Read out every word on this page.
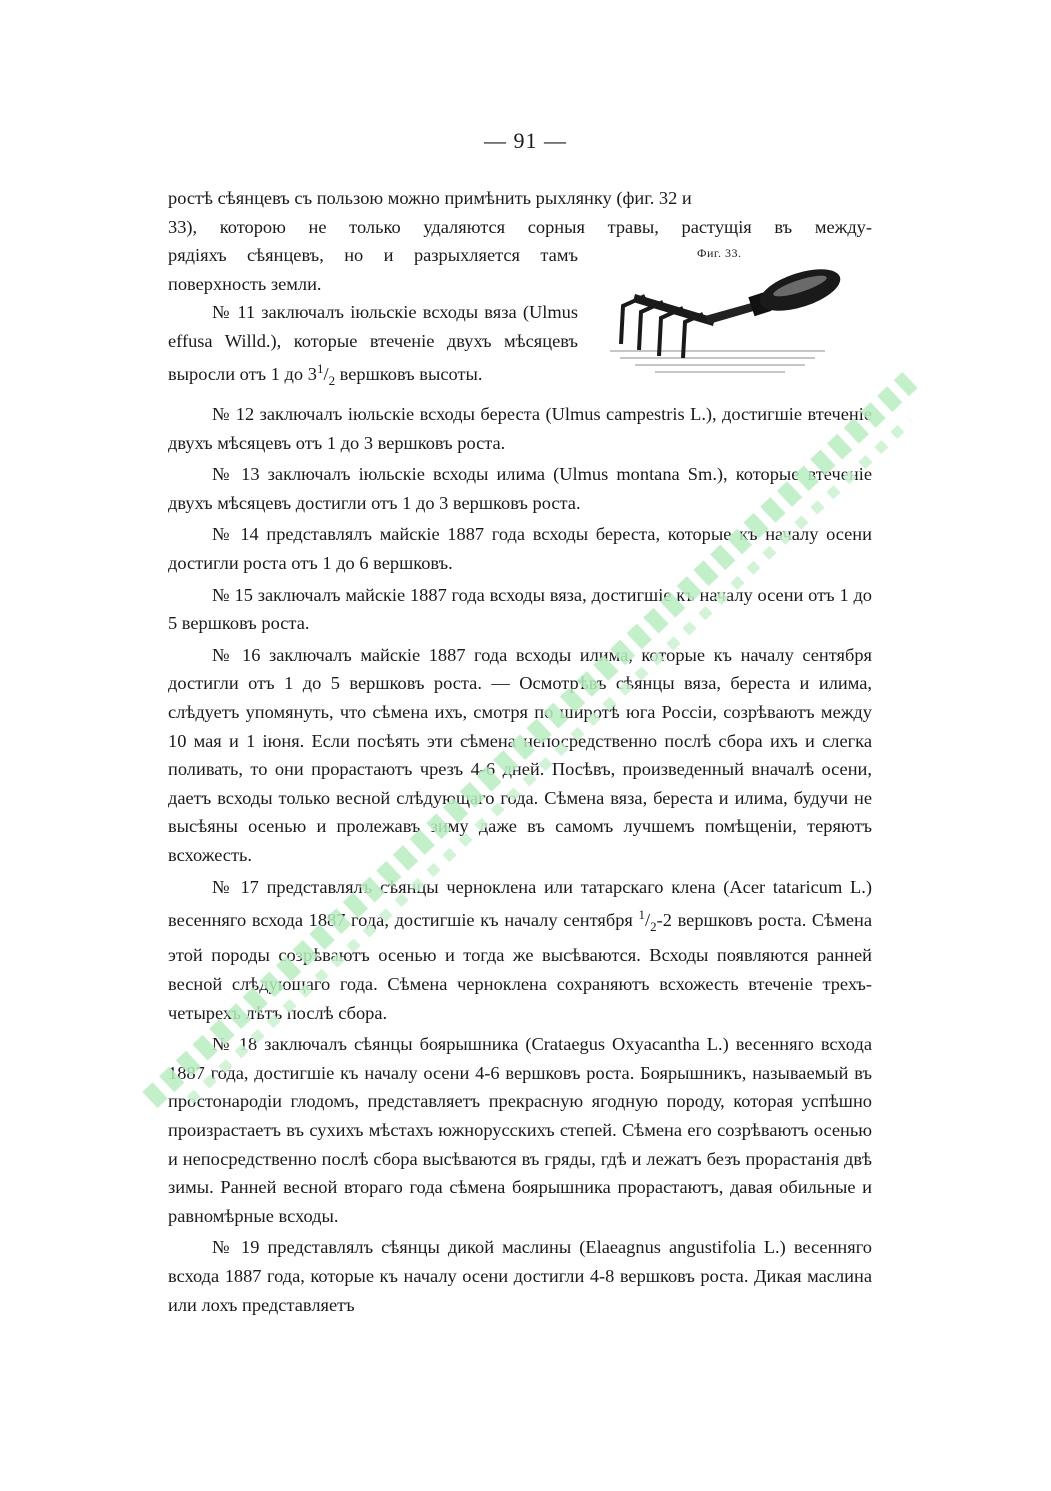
— 91 —

ростѣ сѣянцевъ съ пользою можно примѣнить рыхлянку (фиг. 32 и

33), которою не только удаляются сорныя травы, растущія въ между-

рядіяхъ сѣянцевъ, но и разрыхляется тамъ поверхность земли.

№ 11 заключалъ іюльскіе всходы вяза (Ulmus effusa Willd.), которые втеченіе двухъ мѣсяцевъ выросли отъ 1 до $3^1/_2$ вершковъ высоты.

Фиг. 33.

№ 12 заключалъ іюльскіе всходы береста (Ulmus campestris L.), достигшіе втеченіе двухъ мѣсяцевъ отъ 1 до 3 вершковъ роста.

№ 13 заключалъ іюльскіе всходы илима (Ulmus montana Sm.), которые втеченіе двухъ мѣсяцевъ достигли отъ 1 до 3 вершковъ роста.

№ 14 представлялъ майскіе 1887 года всходы береста, которые къ началу осени достигли роста отъ 1 до 6 вершковъ.

№ 15 заключалъ майскіе 1887 года всходы вяза, достигшіе къ началу осени отъ 1 до 5 вершковъ роста.

№ 16 заключалъ майскіе 1887 года всходы илима, которые къ началу сентября достигли отъ 1 до 5 вершковъ роста. — Осмотрѣвъ сѣянцы вяза, береста и илима, слѣдуетъ упомянуть, что сѣмена ихъ, смотря по широтѣ юга Россіи, созрѣваютъ между 10 мая и 1 іюня. Если посѣять эти сѣмена непосредственно послѣ сбора ихъ и слегка поливать, то они прорастаютъ чрезъ 4-6 дней. Посѣвъ, произведенный вначалѣ осени, даетъ всходы только весной слѣдующаго года. Сѣмена вяза, береста и илима, будучи не высѣяны осенью и пролежавъ зиму даже въ самомъ лучшемъ помѣщеніи, теряютъ всхожесть.

№ 17 представлялъ сѣянцы черноклена или татарскаго клена (Acer tataricum L.) весенняго всхода 1887 года, достигшіе къ началу сентября $^1/_2-2$ вершковъ роста. Сѣмена этой породы созрѣваютъ осенью и тогда же высѣваются. Всходы появляются ранней весной слѣдующаго года. Сѣмена черноклена сохраняютъ всхожесть втеченіе трехъ-четырехъ лѣтъ послѣ сбора.

№ 18 заключалъ сѣянцы боярышника (Crataegus Oxyacantha L.) весенняго всхода 1887 года, достигшіе къ началу осени 4-6 вершковъ роста. Боярышникъ, называемый въ простонародіи глодомъ, представляетъ прекрасную ягодную породу, которая успѣшно произрастаетъ въ сухихъ мѣстахъ южнорусскихъ степей. Сѣмена его созрѣваютъ осенью и непосредственно послѣ сбора высѣваются въ гряды, гдѣ и лежатъ безъ прорастанія двѣ зимы. Ранней весной втораго года сѣмена боярышника прорастаютъ, давая обильные и равномѣрные всходы.

№ 19 представлялъ сѣянцы дикой маслины (Elaeagnus angustifolia L.) весенняго всхода 1887 года, которые къ началу осени достигли 4-8 вершковъ роста. Дикая маслина или лохъ представляетъ
